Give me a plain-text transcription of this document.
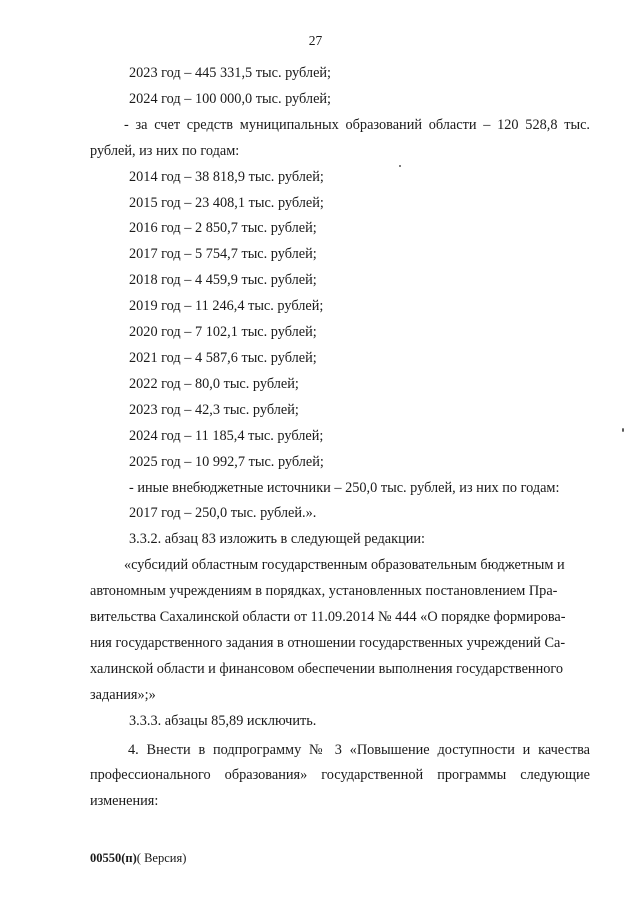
27
2023 год – 445 331,5 тыс. рублей;
2024 год – 100 000,0 тыс. рублей;
- за счет средств муниципальных образований области – 120 528,8 тыс. рублей, из них по годам:
2014 год – 38 818,9 тыс. рублей;
2015 год – 23 408,1 тыс. рублей;
2016 год – 2 850,7 тыс. рублей;
2017 год – 5 754,7 тыс. рублей;
2018 год – 4 459,9 тыс. рублей;
2019 год – 11 246,4 тыс. рублей;
2020 год – 7 102,1 тыс. рублей;
2021 год – 4 587,6 тыс. рублей;
2022 год – 80,0 тыс. рублей;
2023 год – 42,3 тыс. рублей;
2024 год – 11 185,4 тыс. рублей;
2025 год – 10 992,7 тыс. рублей;
- иные внебюджетные источники – 250,0 тыс. рублей, из них по годам:
2017 год – 250,0 тыс. рублей.».
3.3.2. абзац 83 изложить в следующей редакции:
«субсидий областным государственным образовательным бюджетным и
автономным учреждениям в порядках, установленных постановлением Пра-
вительства Сахалинской области от 11.09.2014 № 444 «О порядке формирова-
ния государственного задания в отношении государственных учреждений Са-
халинской области и финансовом обеспечении выполнения государственного
задания»;»
3.3.3. абзацы 85,89 исключить.
4. Внести в подпрограмму № 3 «Повышение доступности и качества профессионального образования» государственной программы следующие изменения:
00550(п)( Версия)
